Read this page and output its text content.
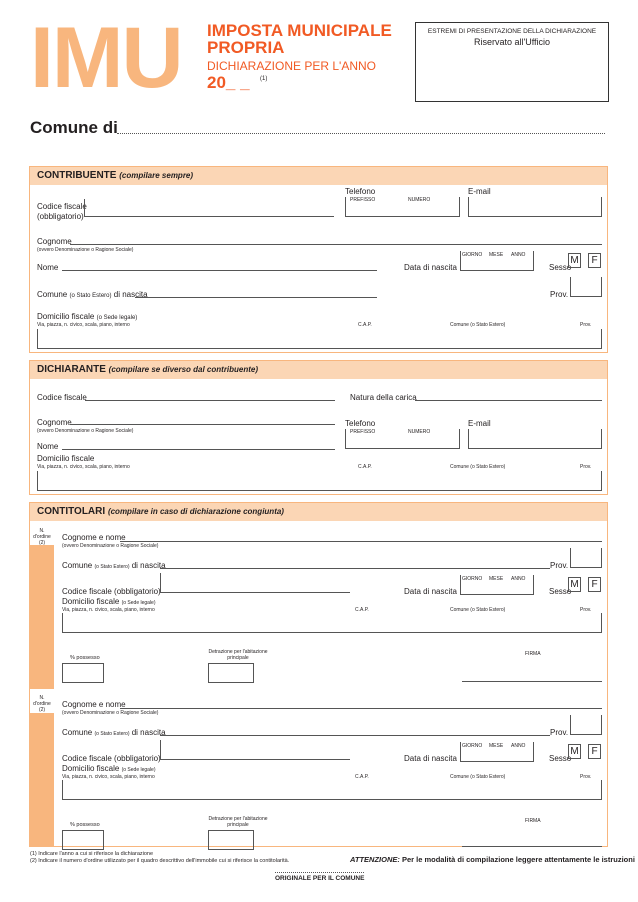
IMU IMPOSTA MUNICIPALE PROPRIA
DICHIARAZIONE PER L'ANNO
20_ _ (1)
ESTREMI DI PRESENTAZIONE DELLA DICHIARAZIONE
Riservato all'Ufficio
Comune di
CONTRIBUENTE (compilare sempre)
Codice fiscale
(obbligatorio)
Telefono
PREFISSO	NUMERO
E-mail
Cognome
(ovvero Denominazione o Ragione Sociale)
Nome	Data di nascita
GIORNO MESE ANNO
Sesso
M	F
Comune (o Stato Estero) di nascita	Prov.
Domicilio fiscale (o Sede legale)
Via, piazza, n. civico, scala, piano, interno	C.A.P.	Comune (o Stato Estero)	Prov.
DICHIARANTE (compilare se diverso dal contribuente)
Codice fiscale	Natura della carica
Cognome
(ovvero Denominazione o Ragione Sociale)
Telefono
PREFISSO	NUMERO
E-mail
Nome
Domicilio fiscale
Via, piazza, n. civico, scala, piano, interno	C.A.P.	Comune (o Stato Estero)	Prov.
CONTITOLARI (compilare in caso di dichiarazione congiunta)
N. d'ordine (2)
Cognome e nome
(ovvero Denominazione o Ragione Sociale)
Comune (o Stato Estero) di nascita	Prov.
Codice fiscale (obbligatorio)	Data di nascita
GIORNO MESE ANNO
Sesso
M	F
Domicilio fiscale (o Sede legale)
Via, piazza, n. civico, scala, piano, interno	C.A.P.	Comune (o Stato Estero)	Prov.
% possesso
Detrazione per l'abitazione principale
FIRMA
N. d'ordine (2)
Cognome e nome
(ovvero Denominazione o Ragione Sociale)
Comune (o Stato Estero) di nascita	Prov.
Codice fiscale (obbligatorio)	Data di nascita
GIORNO MESE ANNO
Sesso
M	F
Domicilio fiscale (o Sede legale)
Via, piazza, n. civico, scala, piano, interno	C.A.P.	Comune (o Stato Estero)	Prov.
% possesso
Detrazione per l'abitazione principale
FIRMA
(1) Indicare l'anno a cui si riferisce la dichiarazione
(2) Indicare il numero d'ordine utilizzato per il quadro descrittivo dell'immobile cui si riferisce la contitolarità.	ATTENZIONE: Per le modalità di compilazione leggere attentamente le istruzioni
ORIGINALE PER IL COMUNE
